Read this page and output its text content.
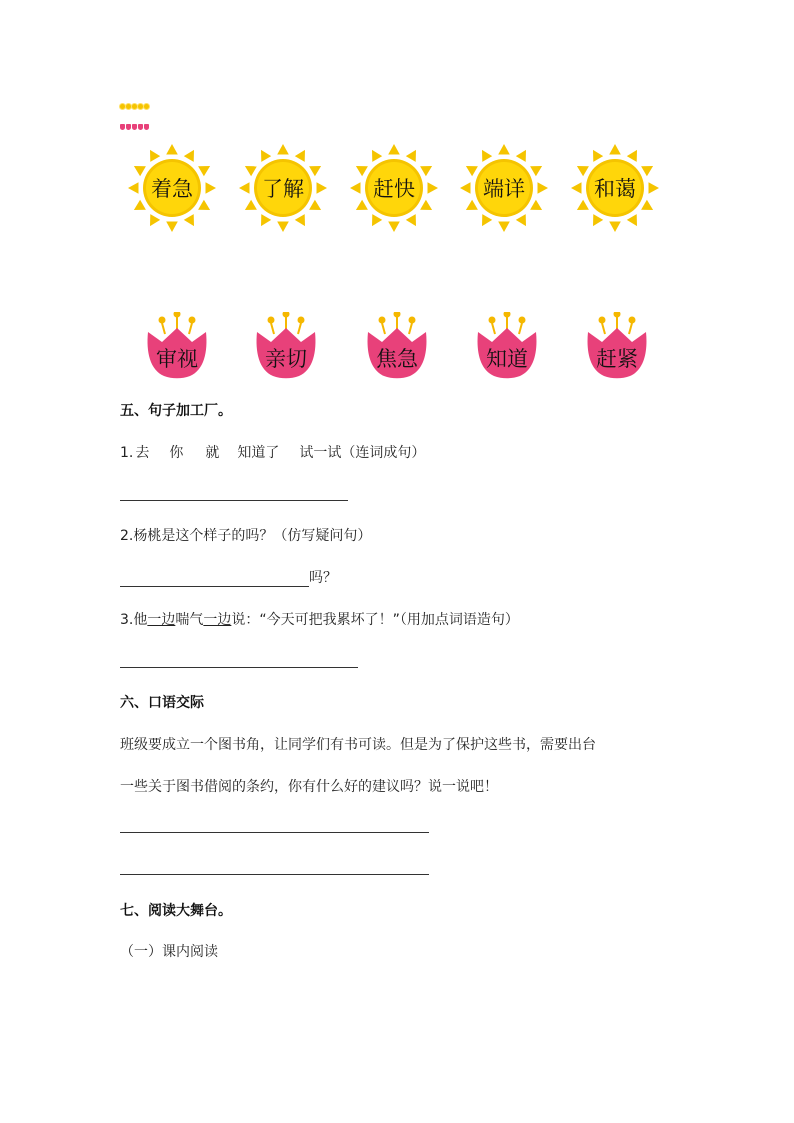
着急	了解	赶快	端详	和蔼
审视	亲切	焦急	知道	赶紧
五、句子加工厂。
1. 去 你 就 知道了 试一试（连词成句）
2.杨桃是这个样子的吗？（仿写疑问句）
吗？
3.他一边喘气一边说：“今天可把我累坏了！”（用加点词语造句）
六、口语交际
班级要成立一个图书角，让同学们有书可读。但是为了保护这些书，需要出台
一些关于图书借阅的条约，你有什么好的建议吗？说一说吧！
七、阅读大舞台。
（一）课内阅读
